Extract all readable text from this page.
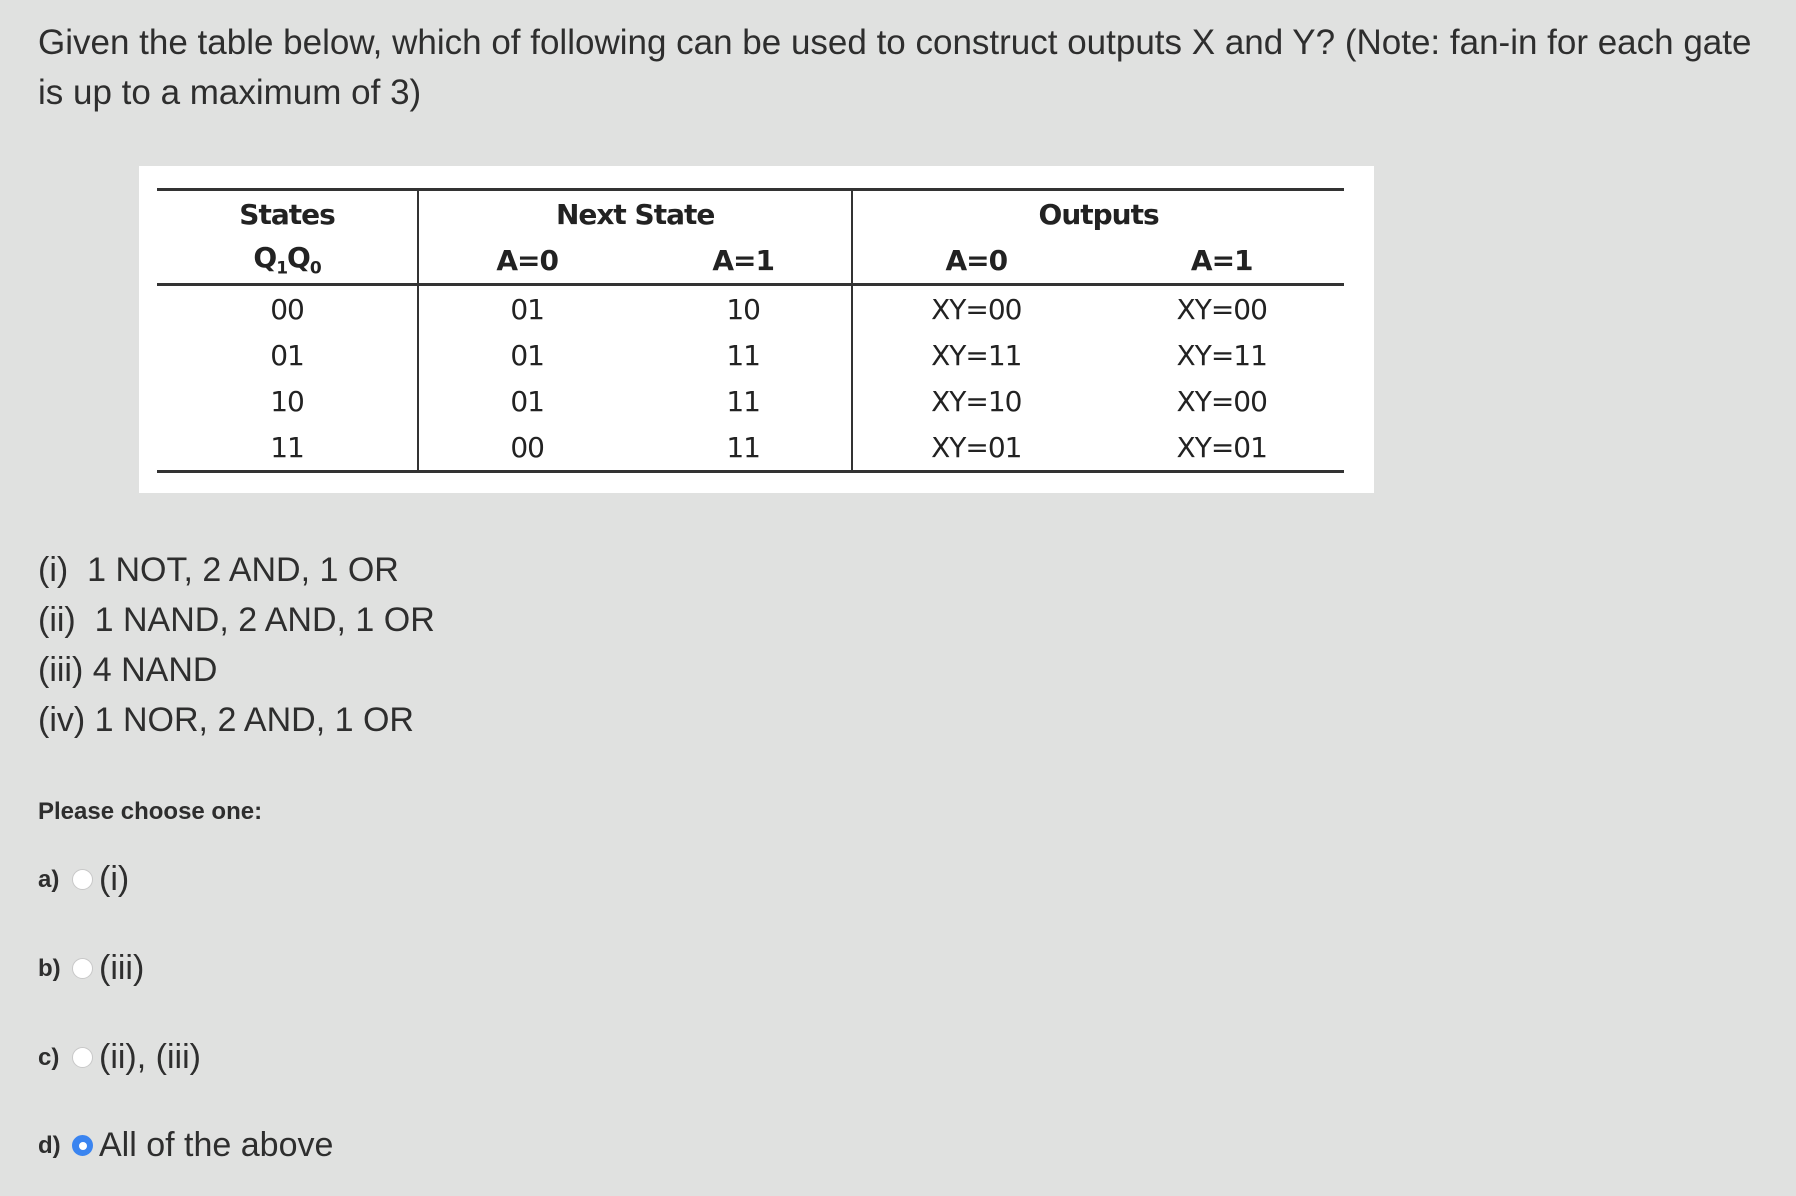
Given the table below, which of following can be used to construct outputs X and Y? (Note: fan-in for each gate is up to a maximum of 3)
States	Next State		Outputs	
$Q_1Q_0$	A=0	A=1	A=0	A=1
00	01	10	XY=00	XY=00
01	01	11	XY=11	XY=11
10	01	11	XY=10	XY=00
11	00	11	XY=01	XY=01
(i)  1 NOT, 2 AND, 1 OR
(ii)  1 NAND, 2 AND, 1 OR
(iii) 4 NAND
(iv) 1 NOR, 2 AND, 1 OR
Please choose one:
a)	(i)
b) (iii)
c)	(ii), (iii)
d) All of the above
